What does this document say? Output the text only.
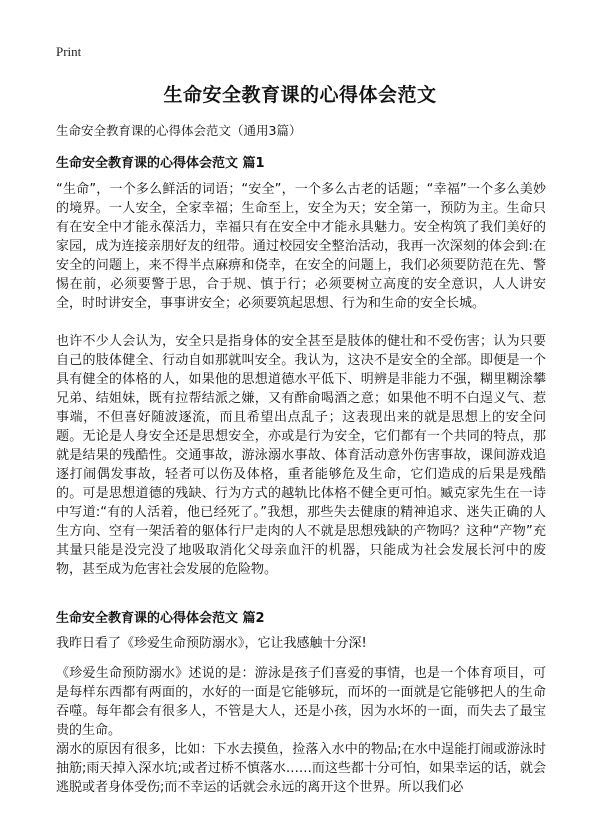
Print
生命安全教育课的心得体会范文

生命安全教育课的心得体会范文（通用3篇）

生命安全教育课的心得体会范文 篇1

“生命”，一个多么鲜活的词语；“安全”，一个多么古老的话题；“幸福”一个多么美妙的境界。一人安全，全家幸福；生命至上，安全为天；安全第一，预防为主。生命只有在安全中才能永葆活力，幸福只有在安全中才能永具魅力。安全构筑了我们美好的家园，成为连接亲朋好友的纽带。通过校园安全整治活动，我再一次深刻的体会到:在安全的问题上，来不得半点麻痹和侥幸，在安全的问题上，我们必须要防范在先、警惕在前，必须要警于思，合于规、慎于行；必须要树立高度的安全意识，人人讲安全，时时讲安全，事事讲安全；必须要筑起思想、行为和生命的安全长城。

也许不少人会认为，安全只是指身体的安全甚至是肢体的健壮和不受伤害；认为只要自己的肢体健全、行动自如那就叫安全。我认为，这决不是安全的全部。即便是一个具有健全的体格的人，如果他的思想道德水平低下、明辨是非能力不强，糊里糊涂攀兄弟、结姐妹，既有拉帮结派之嫌，又有酢俞喝酒之意；如果他不明不白逞义气、惹事端，不但喜好随波逐流，而且希望出点乱子；这表现出来的就是思想上的安全问题。无论是人身安全还是思想安全，亦或是行为安全，它们都有一个共同的特点，那就是结果的残酷性。交通事故，游泳溺水事故、体育活动意外伤害事故，课间游戏追逐打闹偶发事故，轻者可以伤及体格，重者能够危及生命，它们造成的后果是残酷的。可是思想道德的残缺、行为方式的越轨比体格不健全更可怕。臧克家先生在一诗中写道:“有的人活着，他已经死了。”我想，那些失去健康的精神追求、迷失正确的人生方向、空有一架活着的躯体行尸走肉的人不就是思想残缺的产物吗？这种“产物”充其量只能是没完没了地吸取消化父母亲血汗的机器，只能成为社会发展长河中的废物，甚至成为危害社会发展的危险物。

生命安全教育课的心得体会范文 篇2

我昨日看了《珍爱生命预防溺水》，它让我感触十分深!

《珍爱生命预防溺水》述说的是：游泳是孩子们喜爱的事情，也是一个体育项目，可是每样东西都有两面的，水好的一面是它能够玩，而坏的一面就是它能够把人的生命吞噬。每年都会有很多人，不管是大人，还是小孩，因为水坏的一面，而失去了最宝贵的生命。

溺水的原因有很多，比如：下水去摸鱼，捡落入水中的物品;在水中逞能打闹或游泳时抽筋;雨天掉入深水坑;或者过桥不慎落水……而这些都十分可怕，如果幸运的话，就会逃脱或者身体受伤;而不幸运的话就会永远的离开这个世界。所以我们必
